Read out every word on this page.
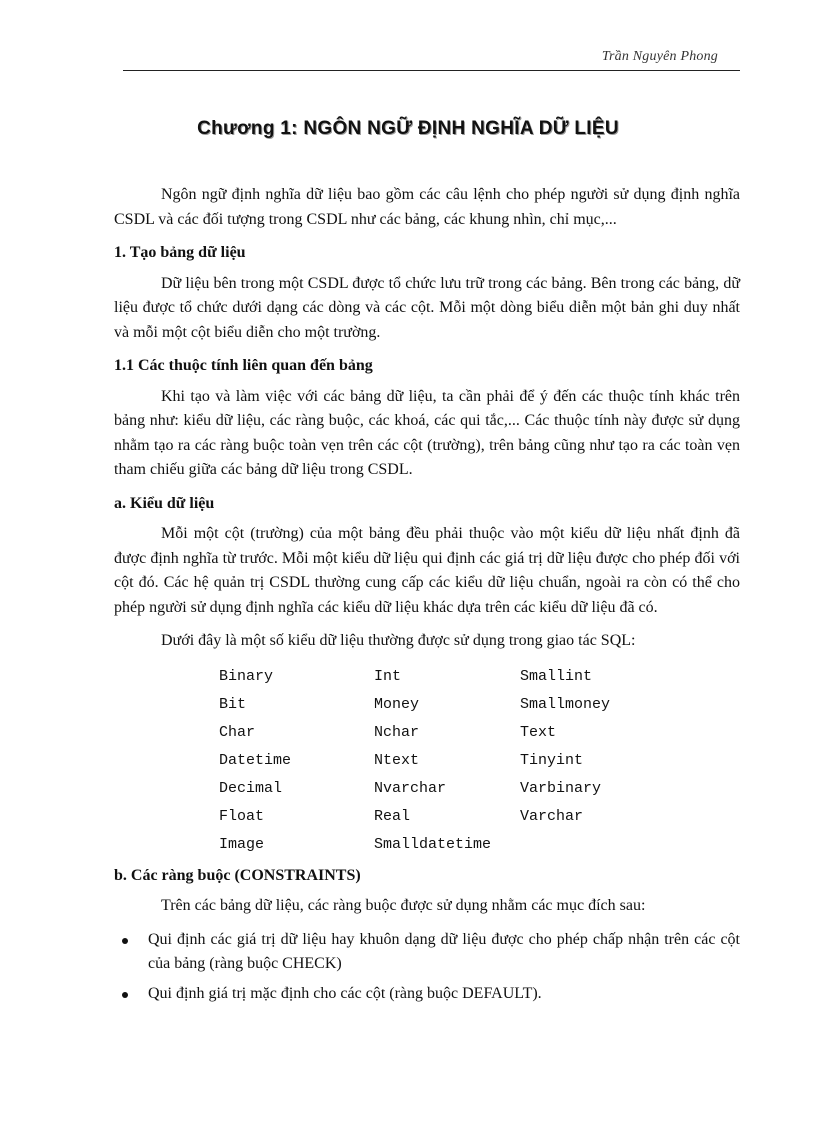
Trần Nguyên Phong
Chương 1: NGÔN NGỮ ĐỊNH NGHĨA DỮ LIỆU

Ngôn ngữ định nghĩa dữ liệu bao gồm các câu lệnh cho phép người sử dụng định nghĩa CSDL và các đối tượng trong CSDL như các bảng, các khung nhìn, chỉ mục,...

1. Tạo bảng dữ liệu

Dữ liệu bên trong một CSDL được tổ chức lưu trữ trong các bảng. Bên trong các bảng, dữ liệu được tổ chức dưới dạng các dòng và các cột. Mỗi một dòng biểu diễn một bản ghi duy nhất và mỗi một cột biểu diễn cho một trường.

1.1 Các thuộc tính liên quan đến bảng

Khi tạo và làm việc với các bảng dữ liệu, ta cần phải để ý đến các thuộc tính khác trên bảng như: kiểu dữ liệu, các ràng buộc, các khoá, các qui tắc,... Các thuộc tính này được sử dụng nhằm tạo ra các ràng buộc toàn vẹn trên các cột (trường), trên bảng cũng như tạo ra các toàn vẹn tham chiếu giữa các bảng dữ liệu trong CSDL.

a. Kiểu dữ liệu

Mỗi một cột (trường) của một bảng đều phải thuộc vào một kiểu dữ liệu nhất định đã được định nghĩa từ trước. Mỗi một kiểu dữ liệu qui định các giá trị dữ liệu được cho phép đối với cột đó. Các hệ quản trị CSDL thường cung cấp các kiểu dữ liệu chuẩn, ngoài ra còn có thể cho phép người sử dụng định nghĩa các kiểu dữ liệu khác dựa trên các kiểu dữ liệu đã có.

Dưới đây là một số kiểu dữ liệu thường được sử dụng trong giao tác SQL:

Binary	Int	Smallint
Bit	Money	Smallmoney
Char	Nchar	Text
Datetime	Ntext	Tinyint
Decimal	Nvarchar	Varbinary
Float	Real	Varchar
Image	Smalldatetime
b. Các ràng buộc (CONSTRAINTS)

Trên các bảng dữ liệu, các ràng buộc được sử dụng nhằm các mục đích sau:

Qui định các giá trị dữ liệu hay khuôn dạng dữ liệu được cho phép chấp nhận trên các cột của bảng (ràng buộc CHECK)
Qui định giá trị mặc định cho các cột (ràng buộc DEFAULT).
